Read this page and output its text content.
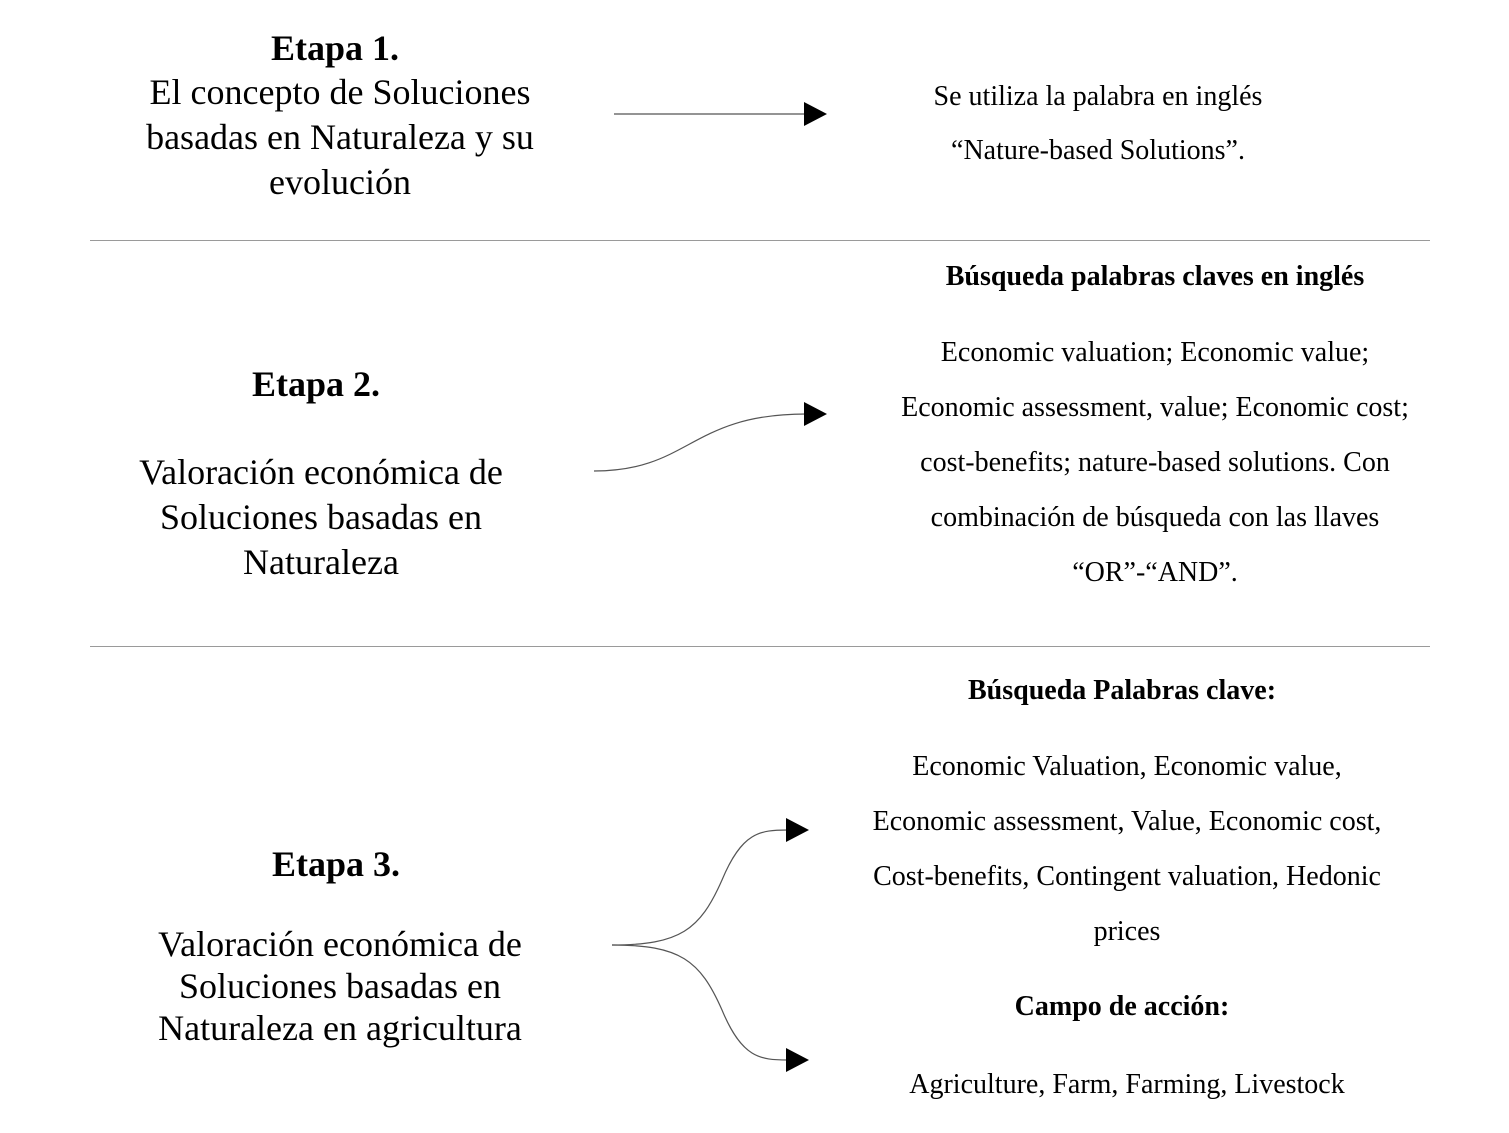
Etapa 1.
El concepto de Soluciones
basadas en Naturaleza y su
evolución
Se utiliza la palabra en inglés
“Nature-based Solutions”.
Etapa 2.
Valoración económica de
Soluciones basadas en
Naturaleza
Búsqueda palabras claves en inglés
Economic valuation; Economic value;
Economic assessment, value; Economic cost;
cost-benefits; nature-based solutions. Con
combinación de búsqueda con las llaves
“OR”-“AND”.
Etapa 3.
Valoración económica de
Soluciones basadas en
Naturaleza en agricultura
Búsqueda Palabras clave:
Economic Valuation, Economic value,
Economic assessment, Value, Economic cost,
Cost-benefits, Contingent valuation, Hedonic
prices
Campo de acción:
Agriculture, Farm, Farming, Livestock
